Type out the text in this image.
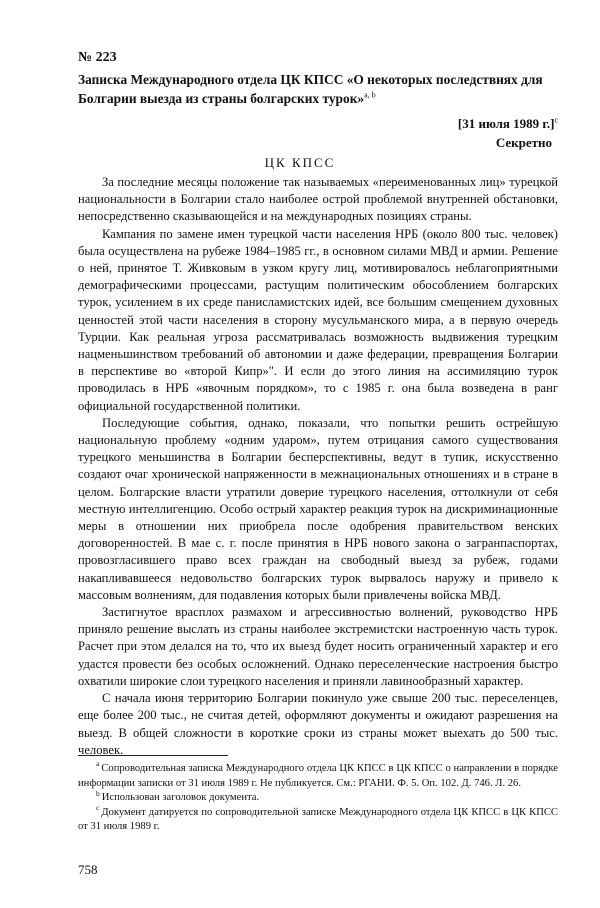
№ 223
Записка Международного отдела ЦК КПСС «О некоторых последствиях для Болгарии выезда из страны болгарских турок»$^{a, b}$
[31 июля 1989 г.]$^c$
Секретно
ЦК КПСС

За последние месяцы положение так называемых «переименованных лиц» турецкой национальности в Болгарии стало наиболее острой проблемой внутренней обстановки, непосредственно сказывающейся и на международных позициях страны.

Кампания по замене имен турецкой части населения НРБ (около 800 тыс. человек) была осуществлена на рубеже 1984–1985 гг., в основном силами МВД и армии. Решение о ней, принятое Т. Живковым в узком кругу лиц, мотивировалось неблагоприятными демографическими процессами, растущим политическим обособлением болгарских турок, усилением в их среде панисламистских идей, все большим смещением духовных ценностей этой части населения в сторону мусульманского мира, а в первую очередь Турции. Как реальная угроза рассматривалась возможность выдвижения турецким нацменьшинством требований об автономии и даже федерации, превращения Болгарии в перспективе во «второй Кипр»". И если до этого линия на ассимиляцию турок проводилась в НРБ «явочным порядком», то с 1985 г. она была возведена в ранг официальной государственной политики.

Последующие события, однако, показали, что попытки решить острейшую национальную проблему «одним ударом», путем отрицания самого существования турецкого меньшинства в Болгарии бесперспективны, ведут в тупик, искусственно создают очаг хронической напряженности в межнациональных отношениях и в стране в целом. Болгарские власти утратили доверие турецкого населения, оттолкнули от себя местную интеллигенцию. Особо острый характер реакция турок на дискриминационные меры в отношении них приобрела после одобрения правительством венских договоренностей. В мае с. г. после принятия в НРБ нового закона о загранпаспортах, провозгласившего право всех граждан на свободный выезд за рубеж, годами накапливавшееся недовольство болгарских турок вырвалось наружу и привело к массовым волнениям, для подавления которых были привлечены войска МВД.

Застигнутое врасплох размахом и агрессивностью волнений, руководство НРБ приняло решение выслать из страны наиболее экстремистски настроенную часть турок. Расчет при этом делался на то, что их выезд будет носить ограниченный характер и его удастся провести без особых осложнений. Однако переселенческие настроения быстро охватили широкие слои турецкого населения и приняли лавинообразный характер.

С начала июня территорию Болгарии покинуло уже свыше 200 тыс. переселенцев, еще более 200 тыс., не считая детей, оформляют документы и ожидают разрешения на выезд. В общей сложности в короткие сроки из страны может выехать до 500 тыс. человек.

$^a$ Сопроводительная записка Международного отдела ЦК КПСС в ЦК КПСС о направлении в порядке информации записки от 31 июля 1989 г. Не публикуется. См.: РГАНИ. Ф. 5. Оп. 102. Д. 746. Л. 26.

$^b$ Использован заголовок документа.

$^c$ Документ датируется по сопроводительной записке Международного отдела ЦК КПСС в ЦК КПСС от 31 июля 1989 г.

758
